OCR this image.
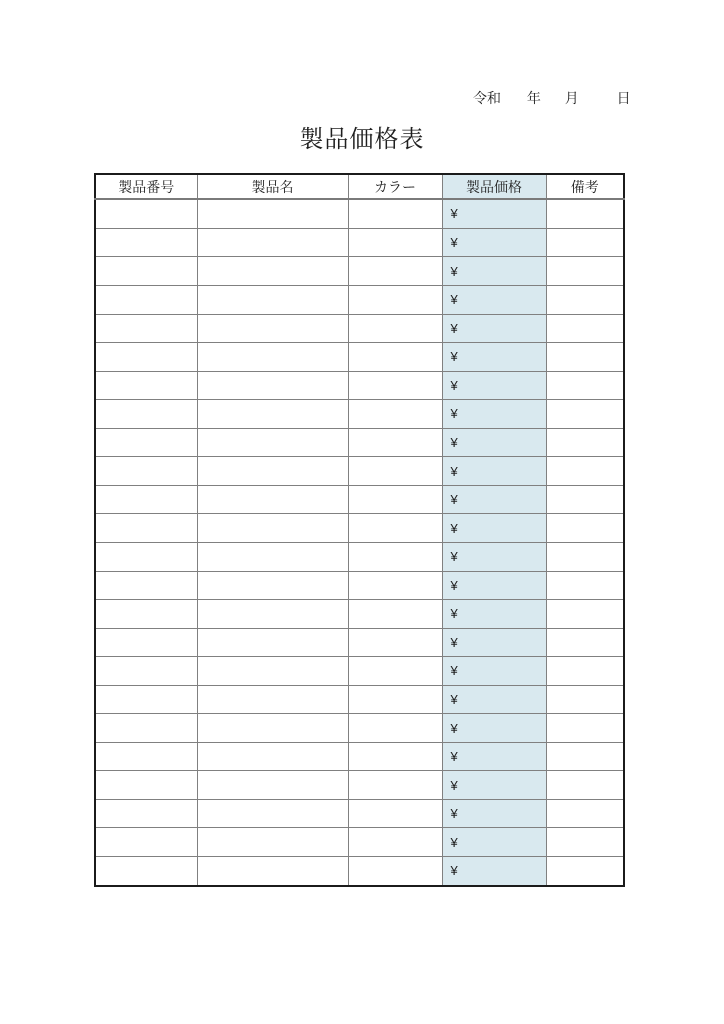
令和 年 月	日
製品価格表
製品番号	製品名	カラー	製品価格	備考
			¥	
			¥	
			¥	
			¥	
			¥	
			¥	
			¥	
			¥	
			¥	
			¥	
			¥	
			¥	
			¥	
			¥	
			¥	
			¥	
			¥	
			¥	
			¥	
			¥	
			¥	
			¥	
			¥	
			¥	
